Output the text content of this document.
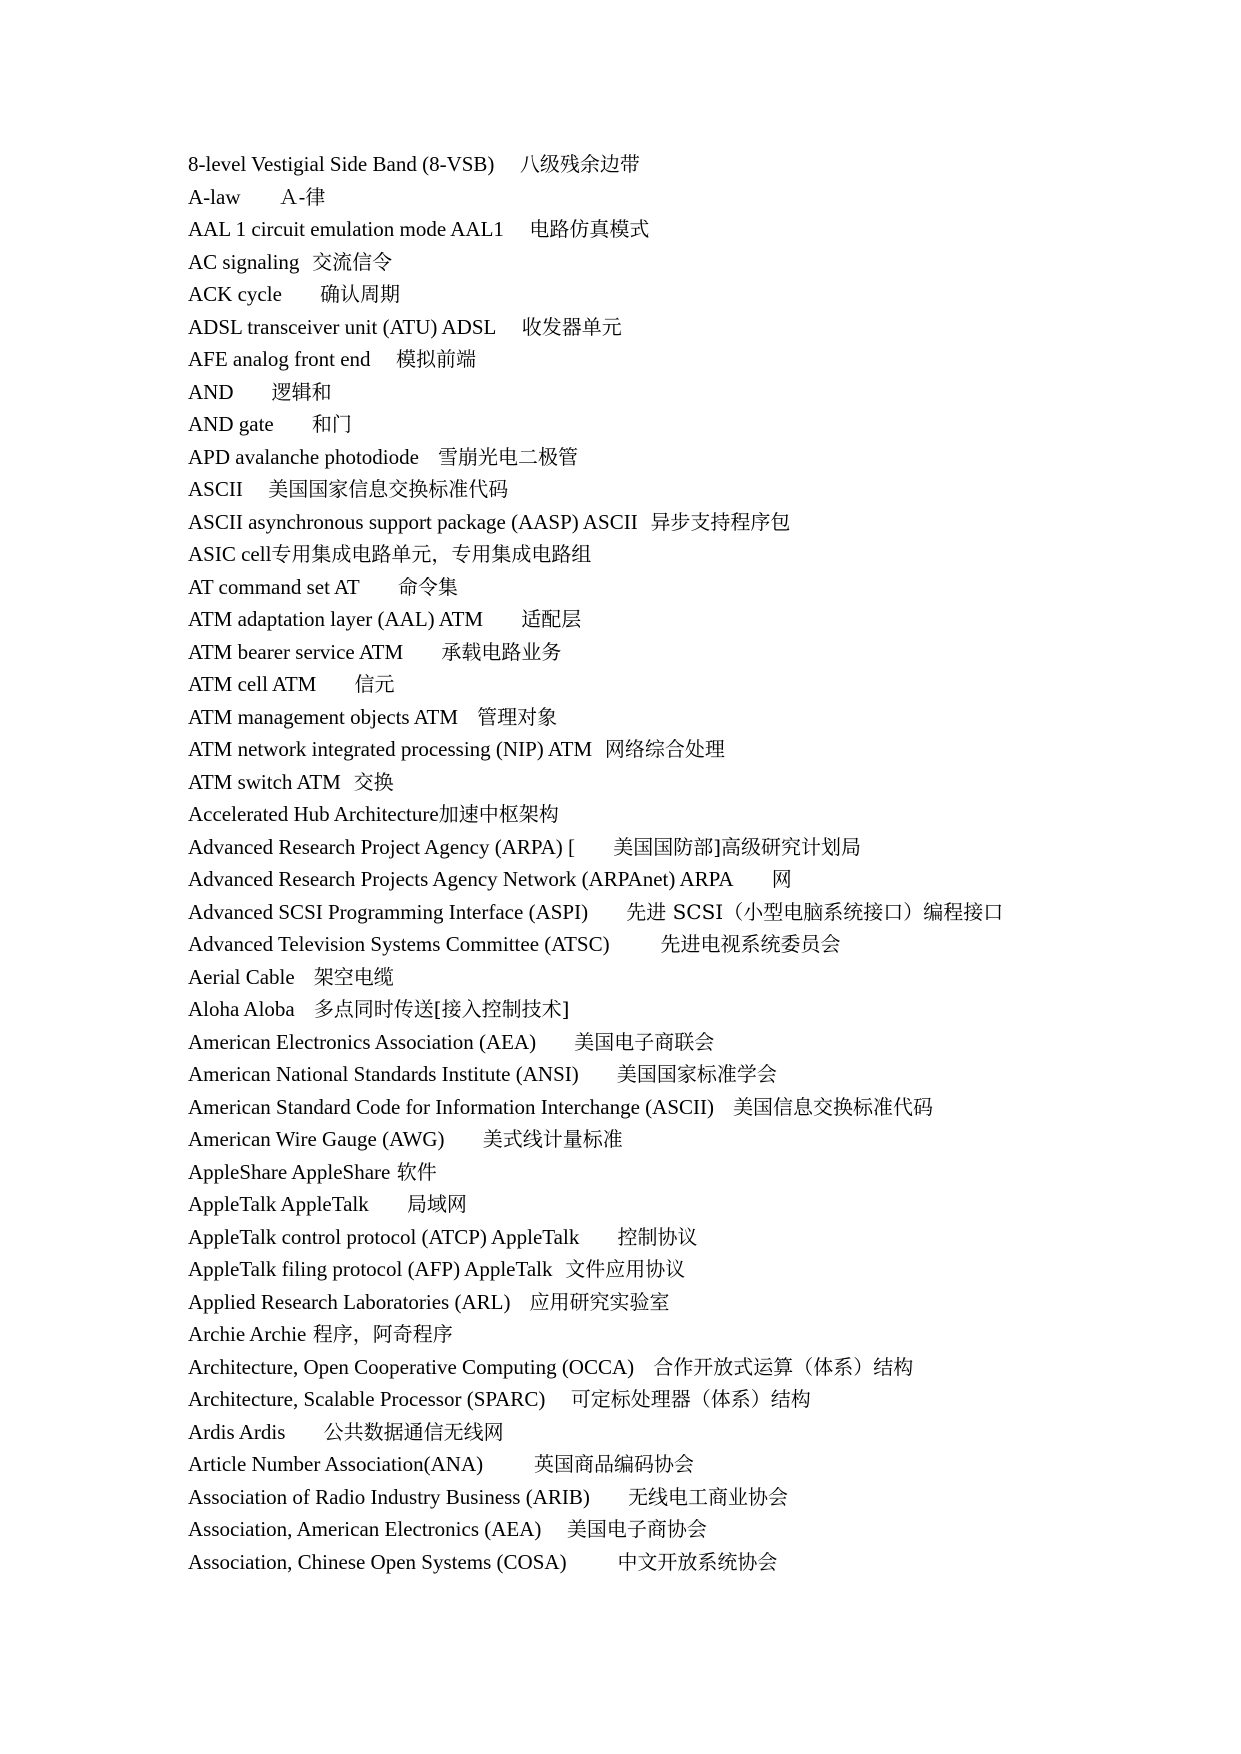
8-level Vestigial Side Band (8-VSB) 八级残余边带
A-law Ａ-律
AAL 1 circuit emulation mode AAL1 电路仿真模式
AC signaling 交流信令
ACK cycle 确认周期
ADSL transceiver unit (ATU) ADSL 收发器单元
AFE analog front end 模拟前端
AND 逻辑和
AND gate 和门
APD avalanche photodiode 雪崩光电二极管
ASCII 美国国家信息交换标准代码
ASCII asynchronous support package (AASP) ASCII 异步支持程序包
ASIC cell专用集成电路单元，专用集成电路组
AT command set AT 命令集
ATM adaptation layer (AAL) ATM 适配层
ATM bearer service ATM 承载电路业务
ATM cell ATM 信元
ATM management objects ATM 管理对象
ATM network integrated processing (NIP) ATM 网络综合处理
ATM switch ATM 交换
Accelerated Hub Architecture加速中枢架构
Advanced Research Project Agency (ARPA) [ 美国国防部]高级研究计划局
Advanced Research Projects Agency Network (ARPAnet) ARPA 网
Advanced SCSI Programming Interface (ASPI) 先进 SCSI（小型电脑系统接口）编程接口
Advanced Television Systems Committee (ATSC)	先进电视系统委员会
Aerial Cable 架空电缆
Aloha Aloba 多点同时传送[接入控制技术]
American Electronics Association (AEA) 美国电子商联会
American National Standards Institute (ANSI) 美国国家标准学会
American Standard Code for Information Interchange (ASCII) 美国信息交换标准代码
American Wire Gauge (AWG) 美式线计量标准
AppleShare AppleShare 软件
AppleTalk AppleTalk 局域网
AppleTalk control protocol (ATCP) AppleTalk 控制协议
AppleTalk filing protocol (AFP) AppleTalk 文件应用协议
Applied Research Laboratories (ARL) 应用研究实验室
Archie Archie 程序，阿奇程序
Architecture, Open Cooperative Computing (OCCA) 合作开放式运算（体系）结构
Architecture, Scalable Processor (SPARC) 可定标处理器（体系）结构
Ardis Ardis 公共数据通信无线网
Article Number Association(ANA)	英国商品编码协会
Association of Radio Industry Business (ARIB) 无线电工商业协会
Association, American Electronics (AEA) 美国电子商协会
Association, Chinese Open Systems (COSA)	中文开放系统协会
